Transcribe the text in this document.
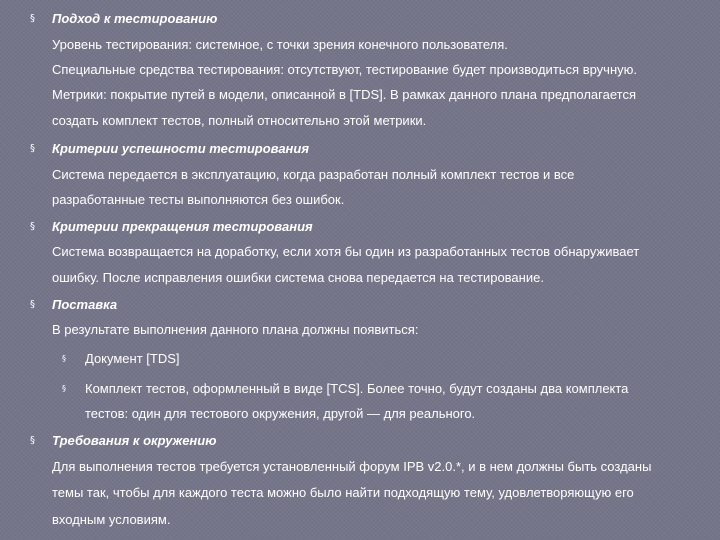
§ Подход к тестированию
Уровень тестирования: системное, с точки зрения конечного пользователя.
Специальные средства тестирования: отсутствуют, тестирование будет производиться вручную.
Метрики: покрытие путей в модели, описанной в [TDS]. В рамках данного плана предполагается
создать комплект тестов, полный относительно этой метрики.
§ Критерии успешности тестирования
Система передается в эксплуатацию, когда разработан полный комплект тестов и все
разработанные тесты выполняются без ошибок.
§ Критерии прекращения тестирования
Система возвращается на доработку, если хотя бы один из разработанных тестов обнаруживает
ошибку. После исправления ошибки система снова передается на тестирование.
§ Поставка
В результате выполнения данного плана должны появиться:
§ Документ [TDS]
§ Комплект тестов, оформленный в виде [TCS]. Более точно, будут созданы два комплекта
тестов: один для тестового окружения, другой — для реального.
§ Требования к окружению
Для выполнения тестов требуется установленный форум IPB v2.0.*, и в нем должны быть созданы
темы так, чтобы для каждого теста можно было найти подходящую тему, удовлетворяющую его
входным условиям.
